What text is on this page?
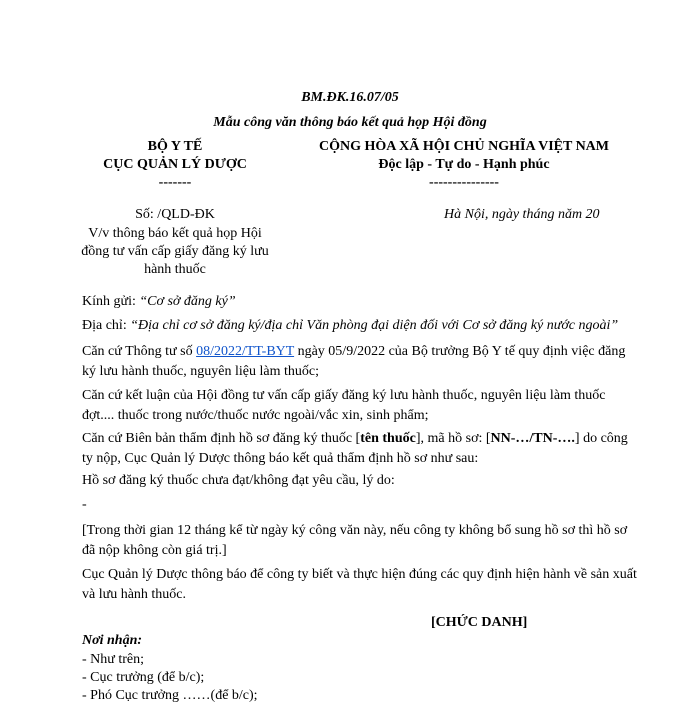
BM.ĐK.16.07/05
Mẫu công văn thông báo kết quả họp Hội đồng
BỘ Y TẾ
CỤC QUẢN LÝ DƯỢC
-------
CỘNG HÒA XÃ HỘI CHỦ NGHĨA VIỆT NAM
Độc lập - Tự do - Hạnh phúc
---------------
Số: /QLD-ĐK
V/v thông báo kết quả họp Hội
đồng tư vấn cấp giấy đăng ký lưu
hành thuốc
Hà Nội, ngày tháng năm 20
Kính gửi: “Cơ sở đăng ký”
Địa chỉ: “Địa chỉ cơ sở đăng ký/địa chỉ Văn phòng đại diện đối với Cơ sở đăng ký nước ngoài”
Căn cứ Thông tư số 08/2022/TT-BYT ngày 05/9/2022 của Bộ trưởng Bộ Y tế quy định việc đăng ký lưu hành thuốc, nguyên liệu làm thuốc;
Căn cứ kết luận của Hội đồng tư vấn cấp giấy đăng ký lưu hành thuốc, nguyên liệu làm thuốc đợt.... thuốc trong nước/thuốc nước ngoài/vắc xin, sinh phẩm;
Căn cứ Biên bản thẩm định hồ sơ đăng ký thuốc [tên thuốc], mã hồ sơ: [NN-…/TN-….] do công ty nộp, Cục Quản lý Dược thông báo kết quả thẩm định hồ sơ như sau:
Hồ sơ đăng ký thuốc chưa đạt/không đạt yêu cầu, lý do:
-
[Trong thời gian 12 tháng kể từ ngày ký công văn này, nếu công ty không bổ sung hồ sơ thì hồ sơ đã nộp không còn giá trị.]
Cục Quản lý Dược thông báo để công ty biết và thực hiện đúng các quy định hiện hành về sản xuất và lưu hành thuốc.
[CHỨC DANH]
Nơi nhận:
- Như trên;
- Cục trưởng (để b/c);
- Phó Cục trưởng ……(để b/c);
